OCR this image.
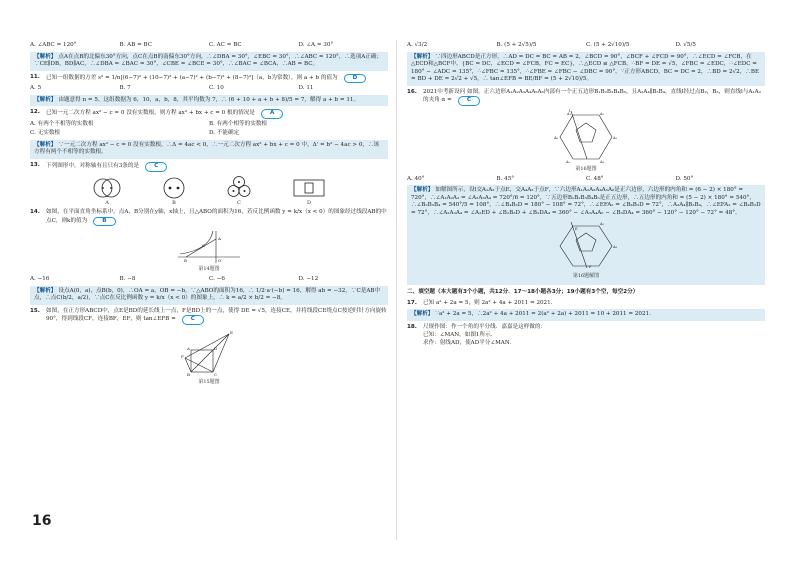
A. ∠ABC = 120°	B. AB = BC	C. AC = BC	D. ∠A = 30°
【解析】 点A在点B的北偏东30°方向，点C在点B的南偏东30°方向，∴∠DBA = 30°，∠EBC = 30°，∴∠ABC = 120°，∴选项A正确；∵CE∥DB，BD∥AC，∴∠DBA = ∠BAC = 30°，∠CBE = ∠BCE = 30°，∴∠BAC = ∠BCA，∴AB = BC。
11.	已知一组数据的方差 s² = 1/n[(6−7)² + (10−7)² + (a−7)² + (b−7)² + (8−7)²]（a，b为常数），则 a + b 的值为	D
A. 5	B. 7	C. 10	D. 11
【解析】 由题意得 n = 5，这组数据为 6，10，a，b，8，其平均数为 7，∴ (6 + 10 + a + b + 8)/5 = 7，解得 a + b = 11。
12.	已知一元二次方程 ax² − c = 0 没有实数根，则方程 ax² + bx + c = 0 根的情况是	A
A. 有两个不相等的实数根	B. 有两个相等的实数根
C. 无实数根	D. 不能确定
【解析】 ∵一元二次方程 ax² − c = 0 没有实数根，∴Δ = 4ac < 0，∴一元二次方程 ax² + bx + c = 0 中，Δ' = b² − 4ac > 0，∴该方程有两个不相等的实数根。
13.	下列图形中，对称轴有且只有3条的是	C
A	B	C	D
14.	如图，在平面直角坐标系中，点A，B分别在y轴，x轴上，且△ABO的面积为16，若反比例函数 y = k/x（x < 0）的图象经过线段AB的中点C，则k的值为	B
A
B	O
C
第14题图
A. −16	B. −8	C. −6	D. −12
【解析】 设点A(0，a)，点B(b，0)，∴OA = a，OB = −b，∵△ABO的面积为16，∴ 1/2·a·(−b) = 16，解得 ab = −32，∵C是AB中点，∴点C(b/2，a/2)，∵点C在反比例函数 y = k/x（x < 0）的图象上，∴ k = a/2 × b/2 = −8。
15.	如图，在正方形ABCD中，点E是BD的延长线上一点，F是BD上的一点，使得 DE = √5，连接CE，并将线段CE绕点C按逆时针方向旋转90°，得到线段CF，连接BF，EF，则 tan∠EFB =	C
E
F
B	C
D
A
第15题图
16
A. √3/2	B. (5 + 2√5)/5	C. (5 + 2√10)/5	D. √5/5
【解析】 ∵四边形ABCD是正方形，∴AD = DC = BC = AB = 2，∠BCD = 90°，∠BCF + ∠FCD = 90°，∴∠ECD = ∠FCB，在△ECD和△BCF中，{BC = DC，∠ECD = ∠FCB，FC = EC}，∴△ECD ≌ △FCB，∴BF = DE = √5，∠FBC = ∠EDC，∴∠EDC = 180° − ∠ADC = 135°，∴∠FBC = 135°，∴∠FBE = ∠FBC − ∠DBC = 90°，∵正方形ABCD，BC = DC = 2，∴BD = 2√2，∴BE = BD + DE = 2√2 + √5，∴ tan∠EFB = BE/BF = (5 + 2√10)/5。
16.	2021中考新设问 如图，正六边形A₁A₂A₃A₄A₅A₆内部有一个正五边形B₁B₂B₃B₄B₅，且A₃A₄∥B₃B₄，直线l经过点B₂，B₃，则直线l与A₁A₂的夹角 α =	C
A₁	A₂
A₃
A₄
A₅
A₆
l
第16题图
A. 40°	B. 45°	C. 48°	D. 50°
【解析】 如解图所示，设l交A₁A₂于点E，交A₄A₃于点F，∵六边形A₁A₂A₃A₄A₅A₆是正六边形，六边形的内角和 = (6 − 2) × 180° = 720°，∴∠A₁A₂A₃ = ∠A₂A₃A₄ = 720°/6 = 120°，∵五边形B₁B₂B₃B₄B₅是正五边形，∴五边形的内角和 = (5 − 2) × 180° = 540°，∴∠B₂B₃B₄ = 540°/5 = 108°，∴∠B₄B₃D = 180° − 108° = 72°，∴∠EFA₂ = ∠B₄B₃D = 72°，∴A₃A₄∥B₃B₄，∴∠EFA₂ = ∠B₄B₃D = 72°，∴∠A₂A₃A₄ = ∠A₂ED + ∠B₂B₃D + ∠B₃DA₄ = 360° − ∠A₃A₄A₅ − ∠B₃DA₄ = 360° − 120° − 120° − 72° = 48°。
A₃
A₄
E
F
第16题解图
二、填空题（本大题有3个小题，共12分．17～18小题各3分；19小题有3个空，每空2分）
17.	已知 a² + 2a = 5，则 2a² + 4a + 2011 = 2021.
【解析】 ∵a² + 2a = 5，∴2a² + 4a + 2011 = 2(a² + 2a) + 2011 = 10 + 2011 = 2021.
18.	尺规作图：作一个角的平分线．嘉嘉是这样做的：
已知：∠MAN，如图1所示．
求作：射线AD，使AD平分∠MAN．
